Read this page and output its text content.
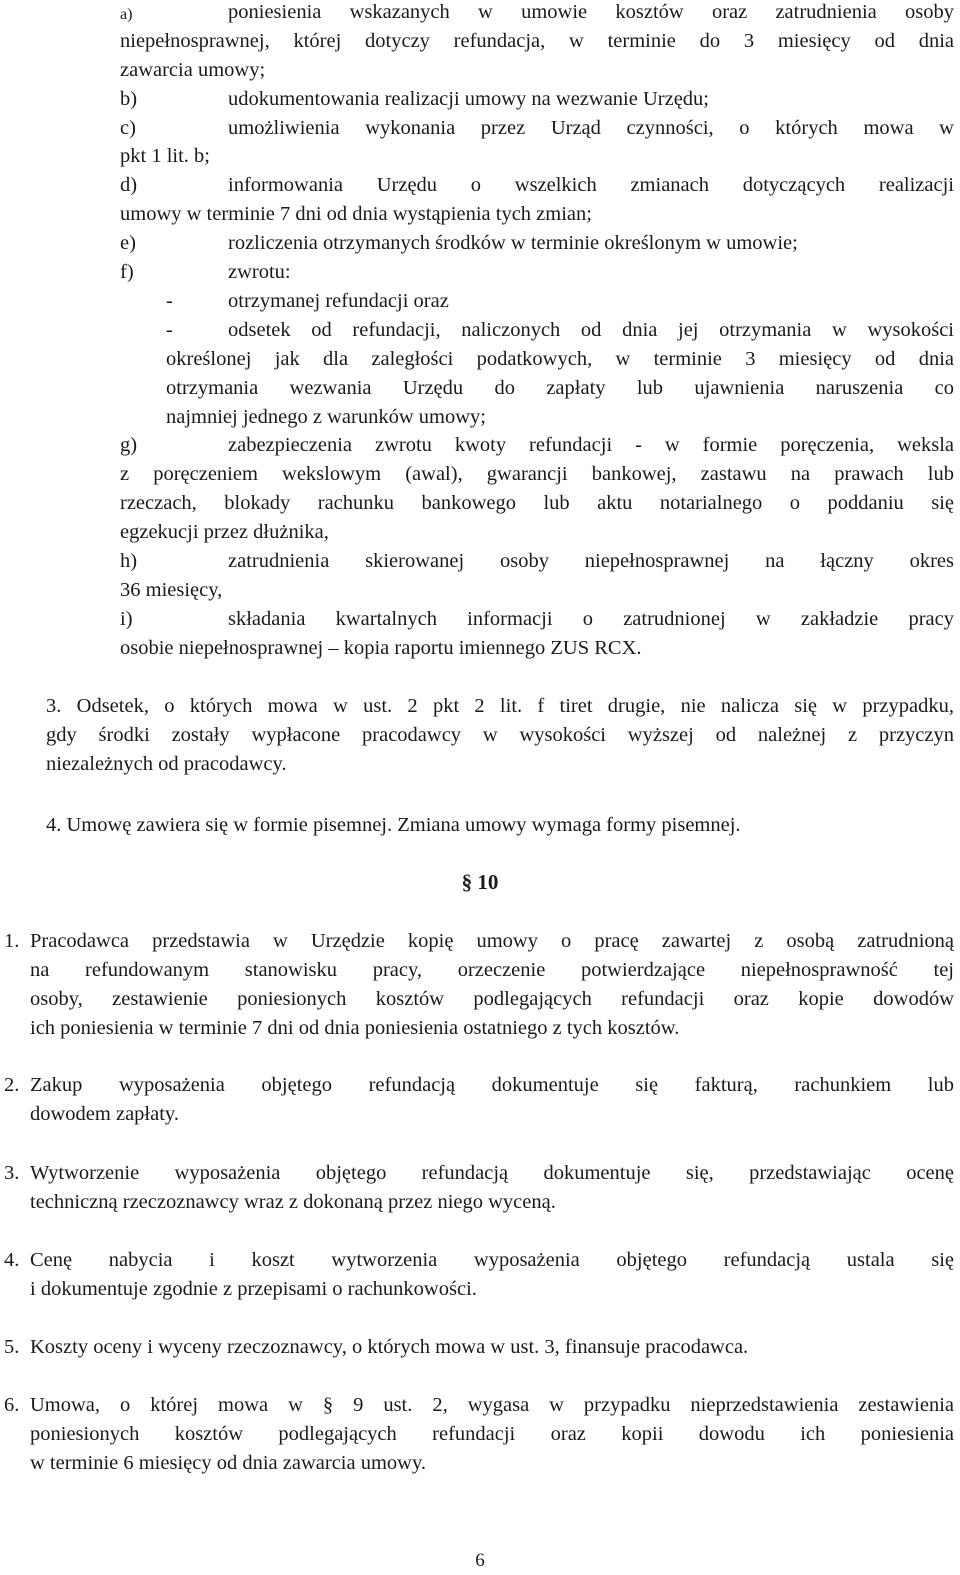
a)	poniesienia wskazanych w umowie kosztów oraz zatrudnienia osoby
niepełnosprawnej, której dotyczy refundacja, w terminie do 3 miesięcy od dnia
zawarcia umowy;
b)	udokumentowania realizacji umowy na wezwanie Urzędu;
c)	umożliwienia wykonania przez Urząd czynności, o których mowa w
pkt 1 lit. b;
d)	informowania Urzędu o wszelkich zmianach dotyczących realizacji
umowy w terminie 7 dni od dnia wystąpienia tych zmian;
e)	rozliczenia otrzymanych środków w terminie określonym w umowie;
f)	zwrotu:
-	otrzymanej refundacji oraz
-	odsetek od refundacji, naliczonych od dnia jej otrzymania w wysokości
określonej jak dla zaległości podatkowych, w terminie 3 miesięcy od dnia
otrzymania wezwania Urzędu do zapłaty lub ujawnienia naruszenia co
najmniej jednego z warunków umowy;
g)	zabezpieczenia zwrotu kwoty refundacji - w formie poręczenia, weksla
z poręczeniem wekslowym (awal), gwarancji bankowej, zastawu na prawach lub
rzeczach, blokady rachunku bankowego lub aktu notarialnego o poddaniu się
egzekucji przez dłużnika,
h)	zatrudnienia skierowanej osoby niepełnosprawnej na łączny okres
36 miesięcy,
i)	składania kwartalnych informacji o zatrudnionej w zakładzie pracy
osobie niepełnosprawnej – kopia raportu imiennego ZUS RCX.
3. Odsetek, o których mowa w ust. 2 pkt 2 lit. f tiret drugie, nie nalicza się w przypadku,
gdy środki zostały wypłacone pracodawcy w wysokości wyższej od należnej z przyczyn
niezależnych od pracodawcy.
4. Umowę zawiera się w formie pisemnej. Zmiana umowy wymaga formy pisemnej.
§ 10
1. Pracodawca przedstawia w Urzędzie kopię umowy o pracę zawartej z osobą zatrudnioną
na refundowanym stanowisku pracy, orzeczenie potwierdzające niepełnosprawność tej
osoby, zestawienie poniesionych kosztów podlegających refundacji oraz kopie dowodów
ich poniesienia w terminie 7 dni od dnia poniesienia ostatniego z tych kosztów.
2. Zakup wyposażenia objętego refundacją dokumentuje się fakturą, rachunkiem lub
dowodem zapłaty.
3. Wytworzenie wyposażenia objętego refundacją dokumentuje się, przedstawiając ocenę
techniczną rzeczoznawcy wraz z dokonaną przez niego wyceną.
4. Cenę nabycia i koszt wytworzenia wyposażenia objętego refundacją ustala się
i dokumentuje zgodnie z przepisami o rachunkowości.
5. Koszty oceny i wyceny rzeczoznawcy, o których mowa w ust. 3, finansuje pracodawca.
6. Umowa, o której mowa w § 9 ust. 2, wygasa w przypadku nieprzedstawienia zestawienia
poniesionych kosztów podlegających refundacji oraz kopii dowodu ich poniesienia
w terminie 6 miesięcy od dnia zawarcia umowy.
6
